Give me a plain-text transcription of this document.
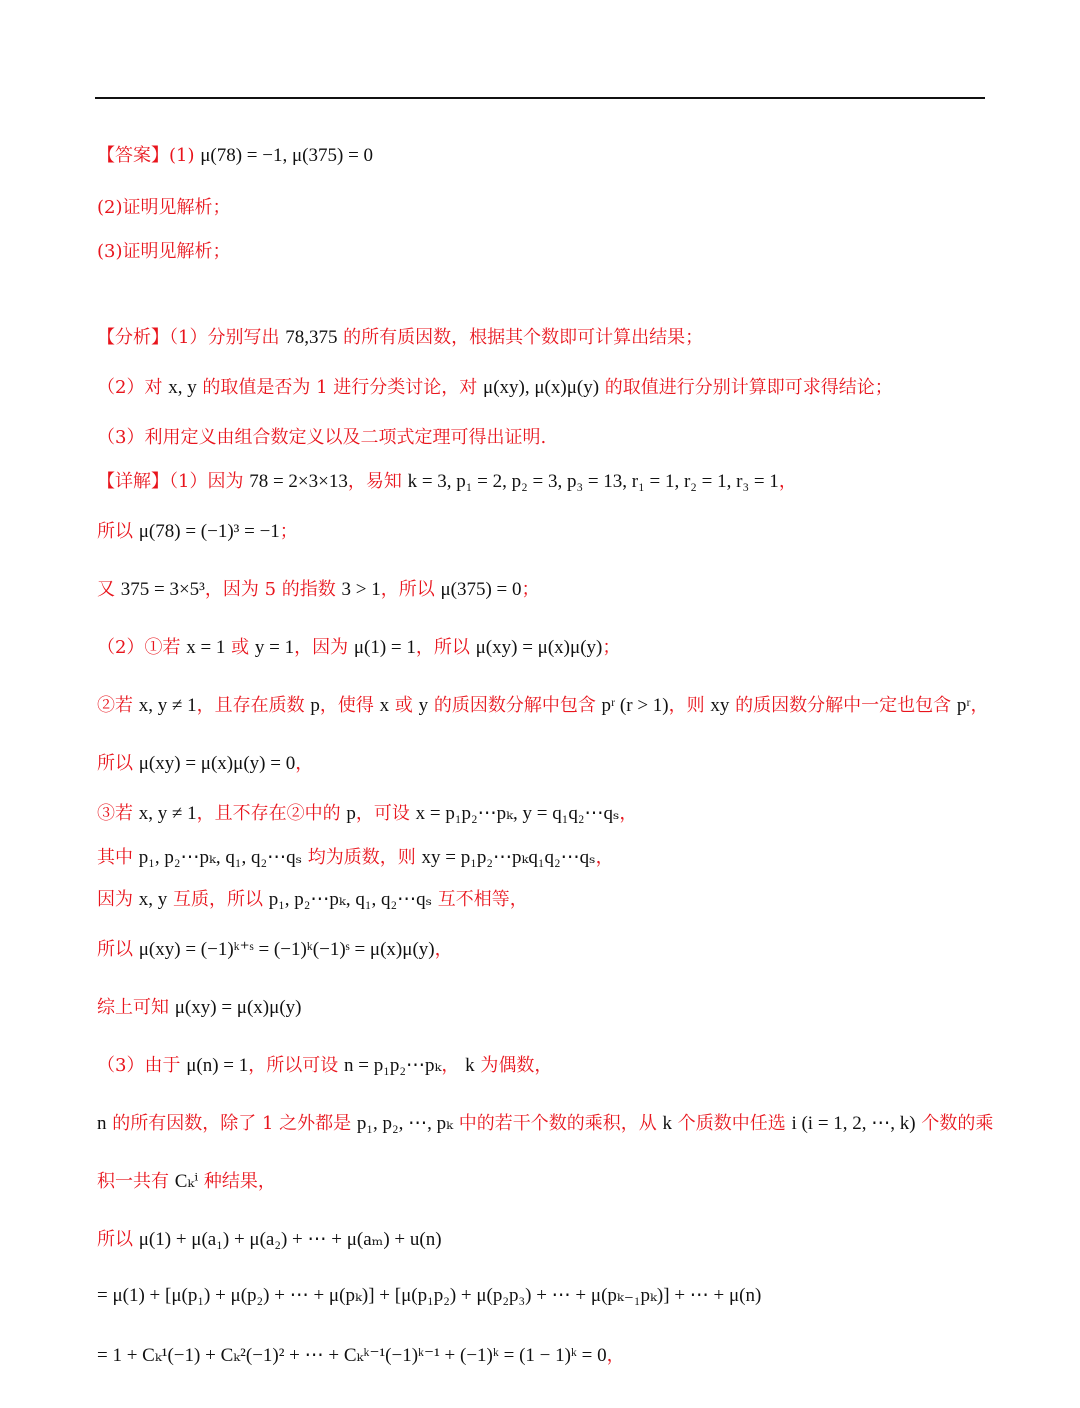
【答案】(1) μ(78) = −1, μ(375) = 0
(2)证明见解析；
(3)证明见解析；
【分析】（1）分别写出 78,375 的所有质因数，根据其个数即可计算出结果；
（2）对 x, y 的取值是否为 1 进行分类讨论，对 μ(xy), μ(x)μ(y) 的取值进行分别计算即可求得结论；
（3）利用定义由组合数定义以及二项式定理可得出证明.
【详解】（1）因为 78 = 2×3×13，易知 k = 3, p₁ = 2, p₂ = 3, p₃ = 13, r₁ = 1, r₂ = 1, r₃ = 1，
所以 μ(78) = (−1)³ = −1；
又 375 = 3×5³，因为 5 的指数 3 > 1，所以 μ(375) = 0；
（2）①若 x = 1 或 y = 1，因为 μ(1) = 1，所以 μ(xy) = μ(x)μ(y)；
②若 x, y ≠ 1，且存在质数 p，使得 x 或 y 的质因数分解中包含 pʳ (r > 1)，则 xy 的质因数分解中一定也包含 pʳ，
所以 μ(xy) = μ(x)μ(y) = 0，
③若 x, y ≠ 1，且不存在②中的 p，可设 x = p₁p₂⋯pₖ, y = q₁q₂⋯qₛ，
其中 p₁, p₂⋯pₖ, q₁, q₂⋯qₛ 均为质数，则 xy = p₁p₂⋯pₖq₁q₂⋯qₛ，
因为 x, y 互质，所以 p₁, p₂⋯pₖ, q₁, q₂⋯qₛ 互不相等，
所以 μ(xy) = (−1)ᵏ⁺ˢ = (−1)ᵏ(−1)ˢ = μ(x)μ(y)，
综上可知 μ(xy) = μ(x)μ(y)
（3）由于 μ(n) = 1，所以可设 n = p₁p₂⋯pₖ， k 为偶数，
n 的所有因数，除了 1 之外都是 p₁, p₂, ⋯, pₖ 中的若干个数的乘积，从 k 个质数中任选 i (i = 1, 2, ⋯, k) 个数的乘
积一共有 Cₖⁱ 种结果，
所以 μ(1) + μ(a₁) + μ(a₂) + ⋯ + μ(aₘ) + u(n)
= μ(1) + [μ(p₁) + μ(p₂) + ⋯ + μ(pₖ)] + [μ(p₁p₂) + μ(p₂p₃) + ⋯ + μ(pₖ₋₁pₖ)] + ⋯ + μ(n)
= 1 + Cₖ¹(−1) + Cₖ²(−1)² + ⋯ + Cₖᵏ⁻¹(−1)ᵏ⁻¹ + (−1)ᵏ = (1 − 1)ᵏ = 0，
